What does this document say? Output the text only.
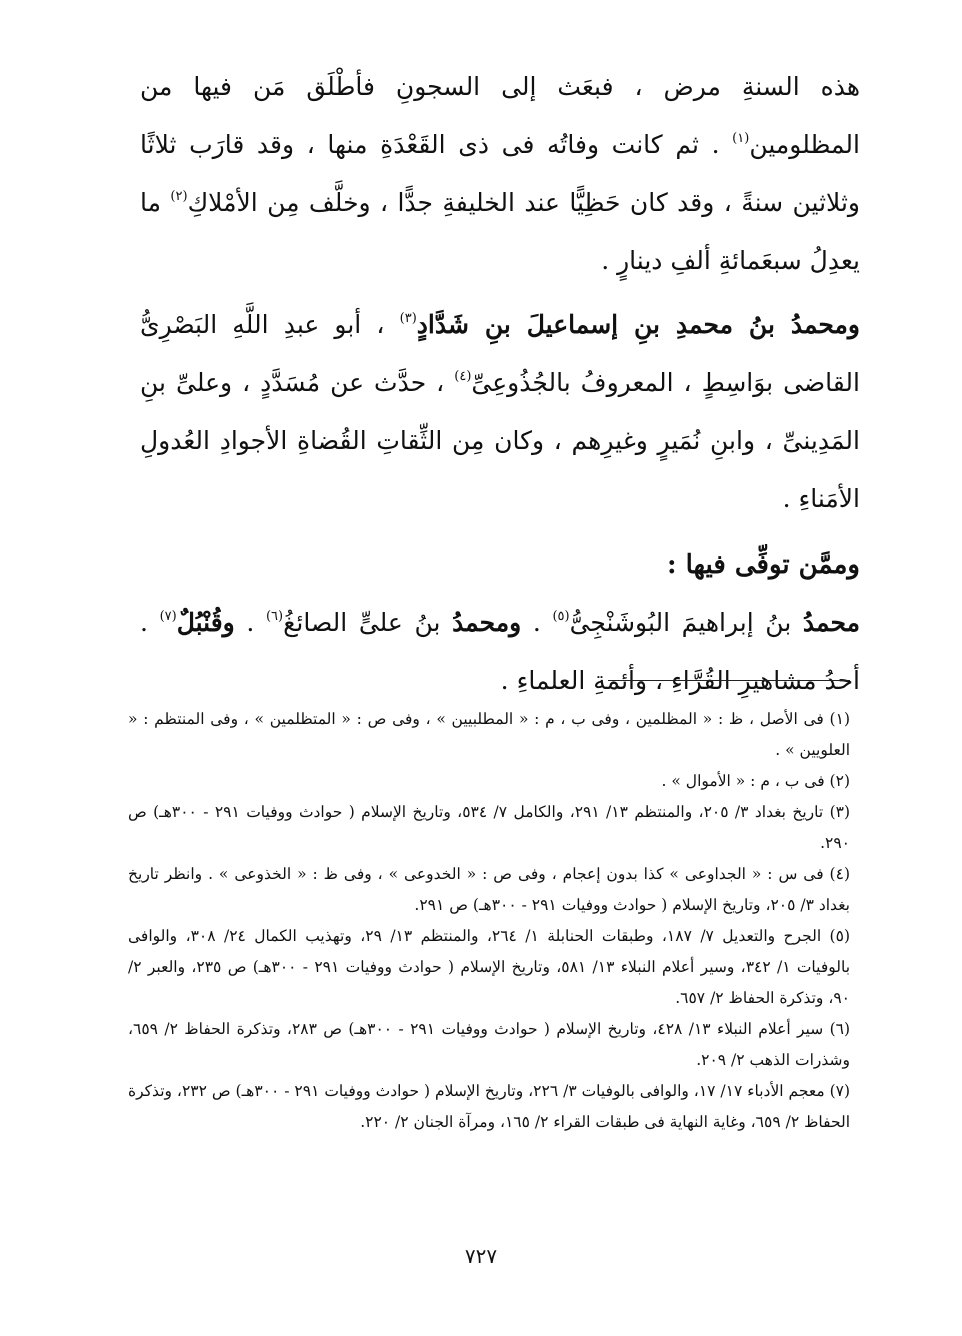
هذه السنةِ مرض ، فبعَث إلى السجونِ فأطْلَق مَن فيها من المظلومين$^{(١)}$ . ثم كانت وفاتُه فى ذى القَعْدَةِ منها ، وقد قارَب ثلاثًا وثلاثين سنةً ، وقد كان حَظِيًّا عند الخليفةِ جدًّا ، وخلَّف مِن الأمْلاكِ$^{(٢)}$ ما يعدِلُ سبعَمائةِ ألفِ دينارٍ .

ومحمدُ بنُ محمدِ بنِ إسماعيلَ بنِ شَدَّادٍ$^{(٣)}$ ، أبو عبدِ اللَّهِ البَصْرِىُّ القاضى بوَاسِطٍ ، المعروفُ بالجُذُوعِىِّ$^{(٤)}$ ، حدَّث عن مُسَدَّدٍ ، وعلىِّ بنِ المَدِينىِّ ، وابنِ نُمَيرٍ وغيرِهم ، وكان مِن الثِّقاتِ القُضاةِ الأجوادِ العُدولِ الأمَناءِ .

وممَّن توفِّى فيها :

محمدُ بنُ إبراهيمَ البُوشَنْجِىُّ$^{(٥)}$ . ومحمدُ بنُ علىٍّ الصائغُ$^{(٦)}$ . وقُنْبُلٌ$^{(٧)}$ . أحدُ مشاهيرِ القُرَّاءِ ، وأئمةِ العلماءِ .

(١) فى الأصل ، ظ : « المظلمين ، وفى ب ، م : « المطلبيين » ، وفى ص : « المتظلمين » ، وفى المنتظم : « العلويين » .

(٢) فى ب ، م : « الأموال » .

(٣) تاريخ بغداد ٣/ ٢٠٥، والمنتظم ١٣/ ٢٩١، والكامل ٧/ ٥٣٤، وتاريخ الإسلام ( حوادث ووفيات ٢٩١ - ٣٠٠هـ) ص ٢٩٠.

(٤) فى س : « الجداوعى » كذا بدون إعجام ، وفى ص : « الخدوعى » ، وفى ظ : « الخذوعى » . وانظر تاريخ بغداد ٣/ ٢٠٥، وتاريخ الإسلام ( حوادث ووفيات ٢٩١ - ٣٠٠هـ) ص ٢٩١.

(٥) الجرح والتعديل ٧/ ١٨٧، وطبقات الحنابلة ١/ ٢٦٤، والمنتظم ١٣/ ٢٩، وتهذيب الكمال ٢٤/ ٣٠٨، والوافى بالوفيات ١/ ٣٤٢، وسير أعلام النبلاء ١٣/ ٥٨١، وتاريخ الإسلام ( حوادث ووفيات ٢٩١ - ٣٠٠هـ) ص ٢٣٥، والعبر ٢/ ٩٠، وتذكرة الحفاظ ٢/ ٦٥٧.

(٦) سير أعلام النبلاء ١٣/ ٤٢٨، وتاريخ الإسلام ( حوادث ووفيات ٢٩١ - ٣٠٠هـ) ص ٢٨٣، وتذكرة الحفاظ ٢/ ٦٥٩، وشذرات الذهب ٢/ ٢٠٩.

(٧) معجم الأدباء ١٧/ ١٧، والوافى بالوفيات ٣/ ٢٢٦، وتاريخ الإسلام ( حوادث ووفيات ٢٩١ - ٣٠٠هـ) ص ٢٣٢، وتذكرة الحفاظ ٢/ ٦٥٩، وغاية النهاية فى طبقات القراء ٢/ ١٦٥، ومرآة الجنان ٢/ ٢٢٠.

٧٢٧
